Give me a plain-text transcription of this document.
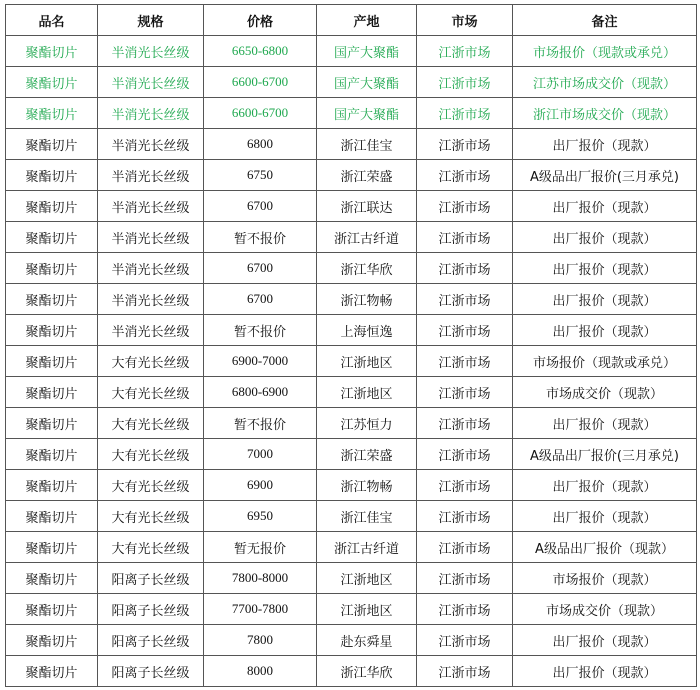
品名	规格	价格	产地	市场	备注
聚酯切片	半消光长丝级	6650-6800	国产大聚酯	江浙市场	市场报价（现款或承兑）
聚酯切片	半消光长丝级	6600-6700	国产大聚酯	江浙市场	江苏市场成交价（现款）
聚酯切片	半消光长丝级	6600-6700	国产大聚酯	江浙市场	浙江市场成交价（现款）
聚酯切片	半消光长丝级	6800	浙江佳宝	江浙市场	出厂报价（现款）
聚酯切片	半消光长丝级	6750	浙江荣盛	江浙市场	A级品出厂报价(三月承兑)
聚酯切片	半消光长丝级	6700	浙江联达	江浙市场	出厂报价（现款）
聚酯切片	半消光长丝级	暂不报价	浙江古纤道	江浙市场	出厂报价（现款）
聚酯切片	半消光长丝级	6700	浙江华欣	江浙市场	出厂报价（现款）
聚酯切片	半消光长丝级	6700	浙江物畅	江浙市场	出厂报价（现款）
聚酯切片	半消光长丝级	暂不报价	上海恒逸	江浙市场	出厂报价（现款）
聚酯切片	大有光长丝级	6900-7000	江浙地区	江浙市场	市场报价（现款或承兑）
聚酯切片	大有光长丝级	6800-6900	江浙地区	江浙市场	市场成交价（现款）
聚酯切片	大有光长丝级	暂不报价	江苏恒力	江浙市场	出厂报价（现款）
聚酯切片	大有光长丝级	7000	浙江荣盛	江浙市场	A级品出厂报价(三月承兑)
聚酯切片	大有光长丝级	6900	浙江物畅	江浙市场	出厂报价（现款）
聚酯切片	大有光长丝级	6950	浙江佳宝	江浙市场	出厂报价（现款）
聚酯切片	大有光长丝级	暂无报价	浙江古纤道	江浙市场	A级品出厂报价（现款）
聚酯切片	阳离子长丝级	7800-8000	江浙地区	江浙市场	市场报价（现款）
聚酯切片	阳离子长丝级	7700-7800	江浙地区	江浙市场	市场成交价（现款）
聚酯切片	阳离子长丝级	7800	赴东舜星	江浙市场	出厂报价（现款）
聚酯切片	阳离子长丝级	8000	浙江华欣	江浙市场	出厂报价（现款）
